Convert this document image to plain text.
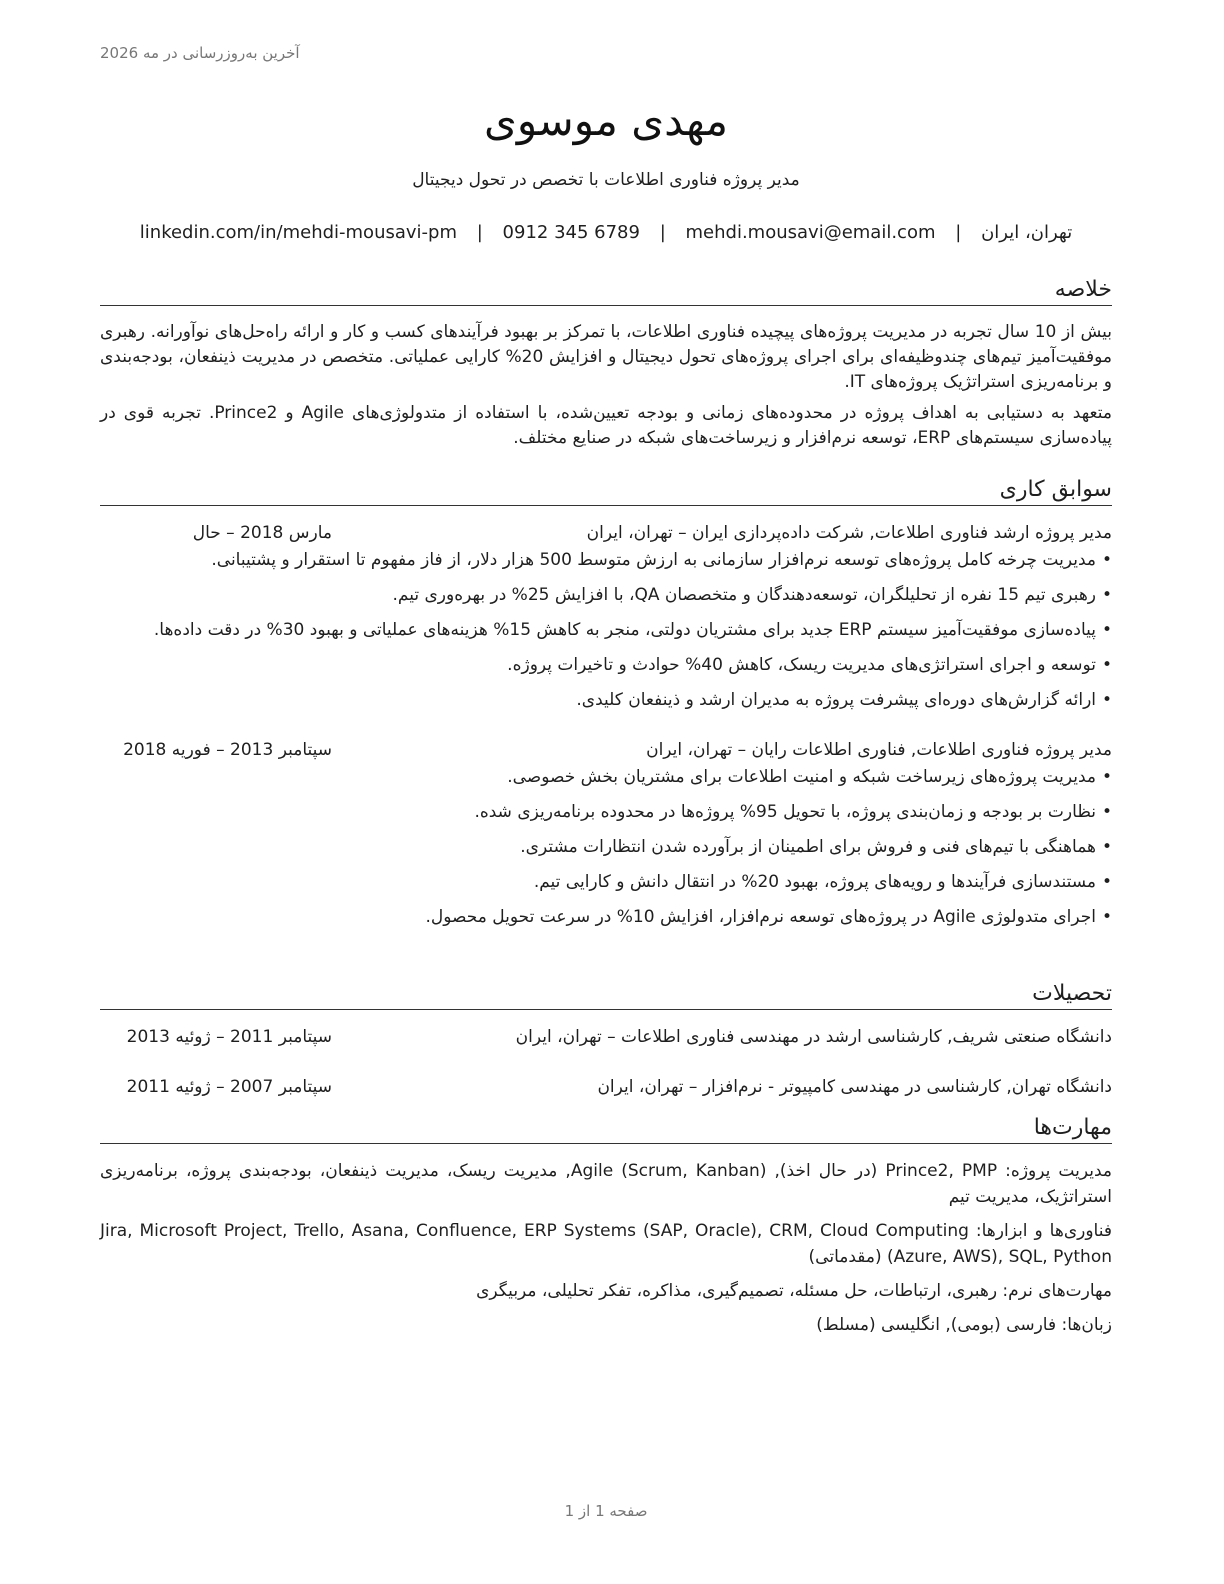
آخرین به‌روزرسانی در مه 2026
مهدی موسوی
مدیر پروژه فناوری اطلاعات با تخصص در تحول دیجیتال
تهران، ایران | mehdi.mousavi@email.com | 0912 345 6789 | linkedin.com/in/mehdi-mousavi-pm
خلاصه

بیش از 10 سال تجربه در مدیریت پروژه‌های پیچیده فناوری اطلاعات، با تمرکز بر بهبود فرآیندهای کسب و کار و ارائه راه‌حل‌های نوآورانه. رهبری موفقیت‌آمیز تیم‌های چندوظیفه‌ای برای اجرای پروژه‌های تحول دیجیتال و افزایش 20% کارایی عملیاتی. متخصص در مدیریت ذینفعان، بودجه‌بندی و برنامه‌ریزی استراتژیک پروژه‌های IT.

متعهد به دستیابی به اهداف پروژه در محدوده‌های زمانی و بودجه تعیین‌شده، با استفاده از متدولوژی‌های Agile و Prince2. تجربه قوی در پیاده‌سازی سیستم‌های ERP، توسعه نرم‌افزار و زیرساخت‌های شبکه در صنایع مختلف.

سوابق کاری
مدیر پروژه ارشد فناوری اطلاعات, شرکت داده‌پردازی ایران – تهران، ایران
مارس 2018 – حال
• مدیریت چرخه کامل پروژه‌های توسعه نرم‌افزار سازمانی به ارزش متوسط 500 هزار دلار، از فاز مفهوم تا استقرار و پشتیبانی.
• رهبری تیم 15 نفره از تحلیلگران، توسعه‌دهندگان و متخصصان QA، با افزایش 25% در بهره‌وری تیم.
• پیاده‌سازی موفقیت‌آمیز سیستم ERP جدید برای مشتریان دولتی، منجر به کاهش 15% هزینه‌های عملیاتی و بهبود 30% در دقت داده‌ها.
• توسعه و اجرای استراتژی‌های مدیریت ریسک، کاهش 40% حوادث و تاخیرات پروژه.
• ارائه گزارش‌های دوره‌ای پیشرفت پروژه به مدیران ارشد و ذینفعان کلیدی.
مدیر پروژه فناوری اطلاعات, فناوری اطلاعات رایان – تهران، ایران
سپتامبر 2013 – فوریه 2018
• مدیریت پروژه‌های زیرساخت شبکه و امنیت اطلاعات برای مشتریان بخش خصوصی.
• نظارت بر بودجه و زمان‌بندی پروژه، با تحویل 95% پروژه‌ها در محدوده برنامه‌ریزی شده.
• هماهنگی با تیم‌های فنی و فروش برای اطمینان از برآورده شدن انتظارات مشتری.
• مستندسازی فرآیندها و رویه‌های پروژه، بهبود 20% در انتقال دانش و کارایی تیم.
• اجرای متدولوژی Agile در پروژه‌های توسعه نرم‌افزار، افزایش 10% در سرعت تحویل محصول.
تحصیلات
دانشگاه صنعتی شریف, کارشناسی ارشد در مهندسی فناوری اطلاعات – تهران، ایران
سپتامبر 2011 – ژوئیه 2013
دانشگاه تهران, کارشناسی در مهندسی کامپیوتر - نرم‌افزار – تهران، ایران
سپتامبر 2007 – ژوئیه 2011
مهارت‌ها

مدیریت پروژه: Prince2, PMP (در حال اخذ), Agile (Scrum, Kanban), مدیریت ریسک، مدیریت ذینفعان، بودجه‌بندی پروژه، برنامه‌ریزی استراتژیک، مدیریت تیم

فناوری‌ها و ابزارها: Jira, Microsoft Project, Trello, Asana, Confluence, ERP Systems (SAP, Oracle), CRM, Cloud Computing (Azure, AWS), SQL, Python (مقدماتی)

مهارت‌های نرم: رهبری، ارتباطات، حل مسئله، تصمیم‌گیری، مذاکره، تفکر تحلیلی، مربیگری

زبان‌ها: فارسی (بومی), انگلیسی (مسلط)

صفحه 1 از 1
